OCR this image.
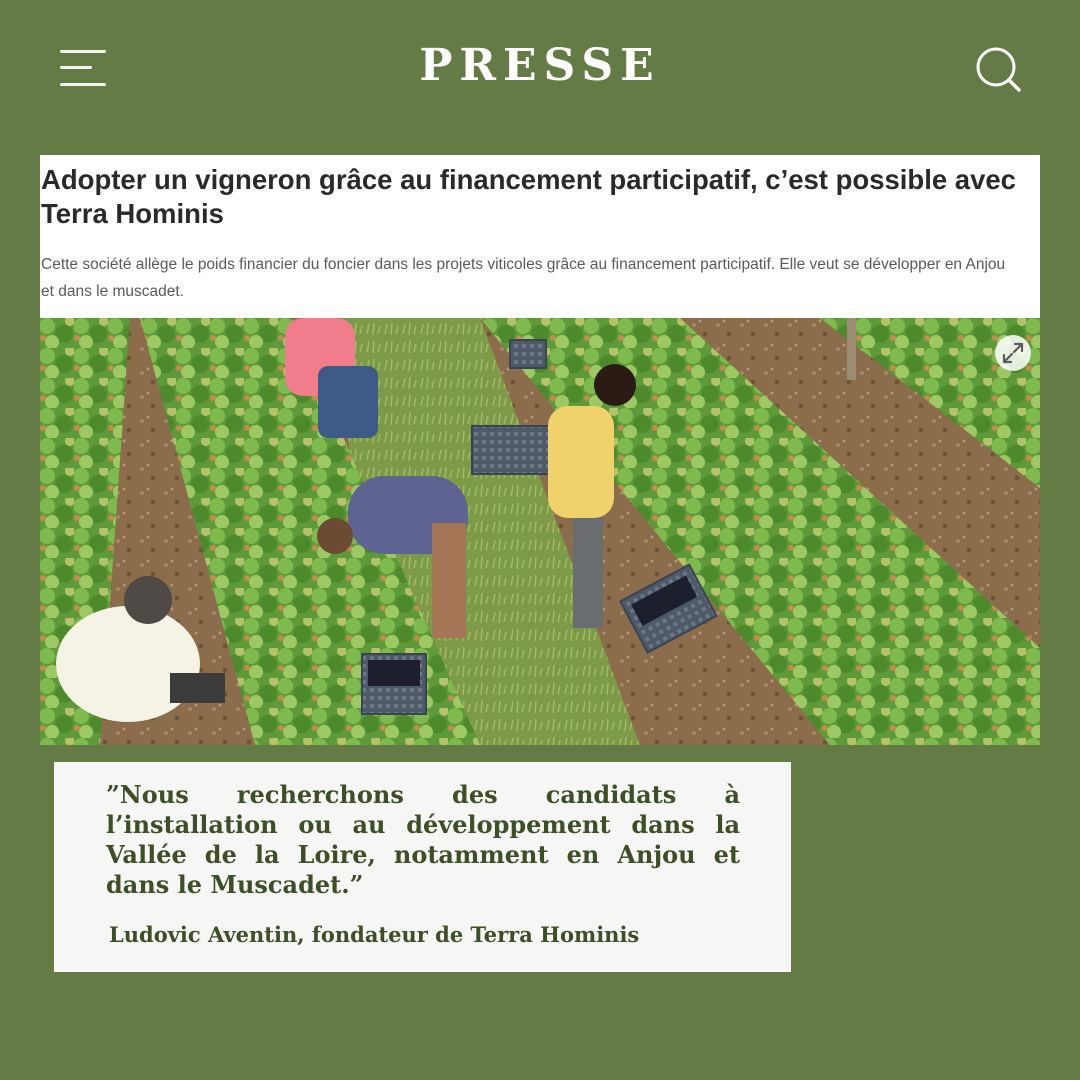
PRESSE
Adopter un vigneron grâce au financement participatif, c’est possible avec Terra Hominis

Cette société allège le poids financier du foncier dans les projets viticoles grâce au financement participatif. Elle veut se développer en Anjou et dans le muscadet.

”Nous recherchons des candidats à l’installation ou au développement dans la Vallée de la Loire, notamment en Anjou et dans le Muscadet.”

Ludovic Aventin, fondateur de Terra Hominis
